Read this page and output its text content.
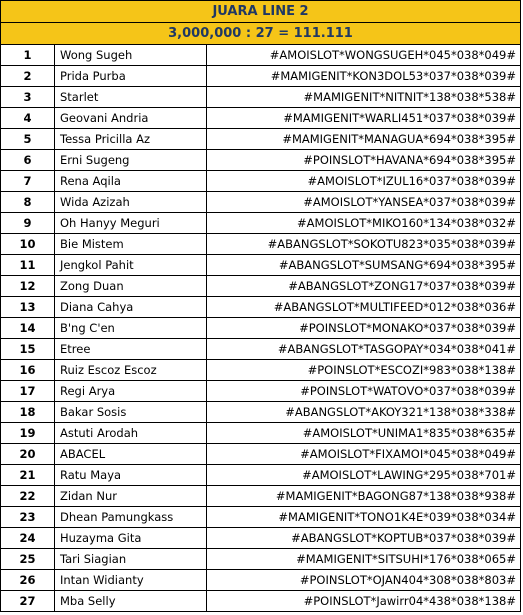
JUARA LINE 2
3,000,000 : 27 = 111.111
1	Wong Sugeh	#AMOISLOT*WONGSUGEH*045*038*049#
2	Prida Purba	#MAMIGENIT*KON3DOL53*037*038*039#
3	Starlet	#MAMIGENIT*NITNIT*138*038*538#
4	Geovani Andria	#MAMIGENIT*WARLI451*037*038*039#
5	Tessa Pricilla Az	#MAMIGENIT*MANAGUA*694*038*395#
6	Erni Sugeng	#POINSLOT*HAVANA*694*038*395#
7	Rena Aqila	#AMOISLOT*IZUL16*037*038*039#
8	Wida Azizah	#AMOISLOT*YANSEA*037*038*039#
9	Oh Hanyy Meguri	#AMOISLOT*MIKO160*134*038*032#
10	Bie Mistem	#ABANGSLOT*SOKOTU823*035*038*039#
11	Jengkol Pahit	#ABANGSLOT*SUMSANG*694*038*395#
12	Zong Duan	#ABANGSLOT*ZONG17*037*038*039#
13	Diana Cahya	#ABANGSLOT*MULTIFEED*012*038*036#
14	B'ng C'en	#POINSLOT*MONAKO*037*038*039#
15	Etree	#ABANGSLOT*TASGOPAY*034*038*041#
16	Ruiz Escoz Escoz	#POINSLOT*ESCOZI*983*038*138#
17	Regi Arya	#POINSLOT*WATOVO*037*038*039#
18	Bakar Sosis	#ABANGSLOT*AKOY321*138*038*338#
19	Astuti Arodah	#AMOISLOT*UNIMA1*835*038*635#
20	ABACEL	#AMOISLOT*FIXAMOI*045*038*049#
21	Ratu Maya	#AMOISLOT*LAWING*295*038*701#
22	Zidan Nur	#MAMIGENIT*BAGONG87*138*038*938#
23	Dhean Pamungkass	#MAMIGENIT*TONO1K4E*039*038*034#
24	Huzayma Gita	#ABANGSLOT*KOPTUB*037*038*039#
25	Tari Siagian	#MAMIGENIT*SITSUHI*176*038*065#
26	Intan Widianty	#POINSLOT*OJAN404*308*038*803#
27	Mba Selly	#POINSLOT*Jawirr04*438*038*138#
